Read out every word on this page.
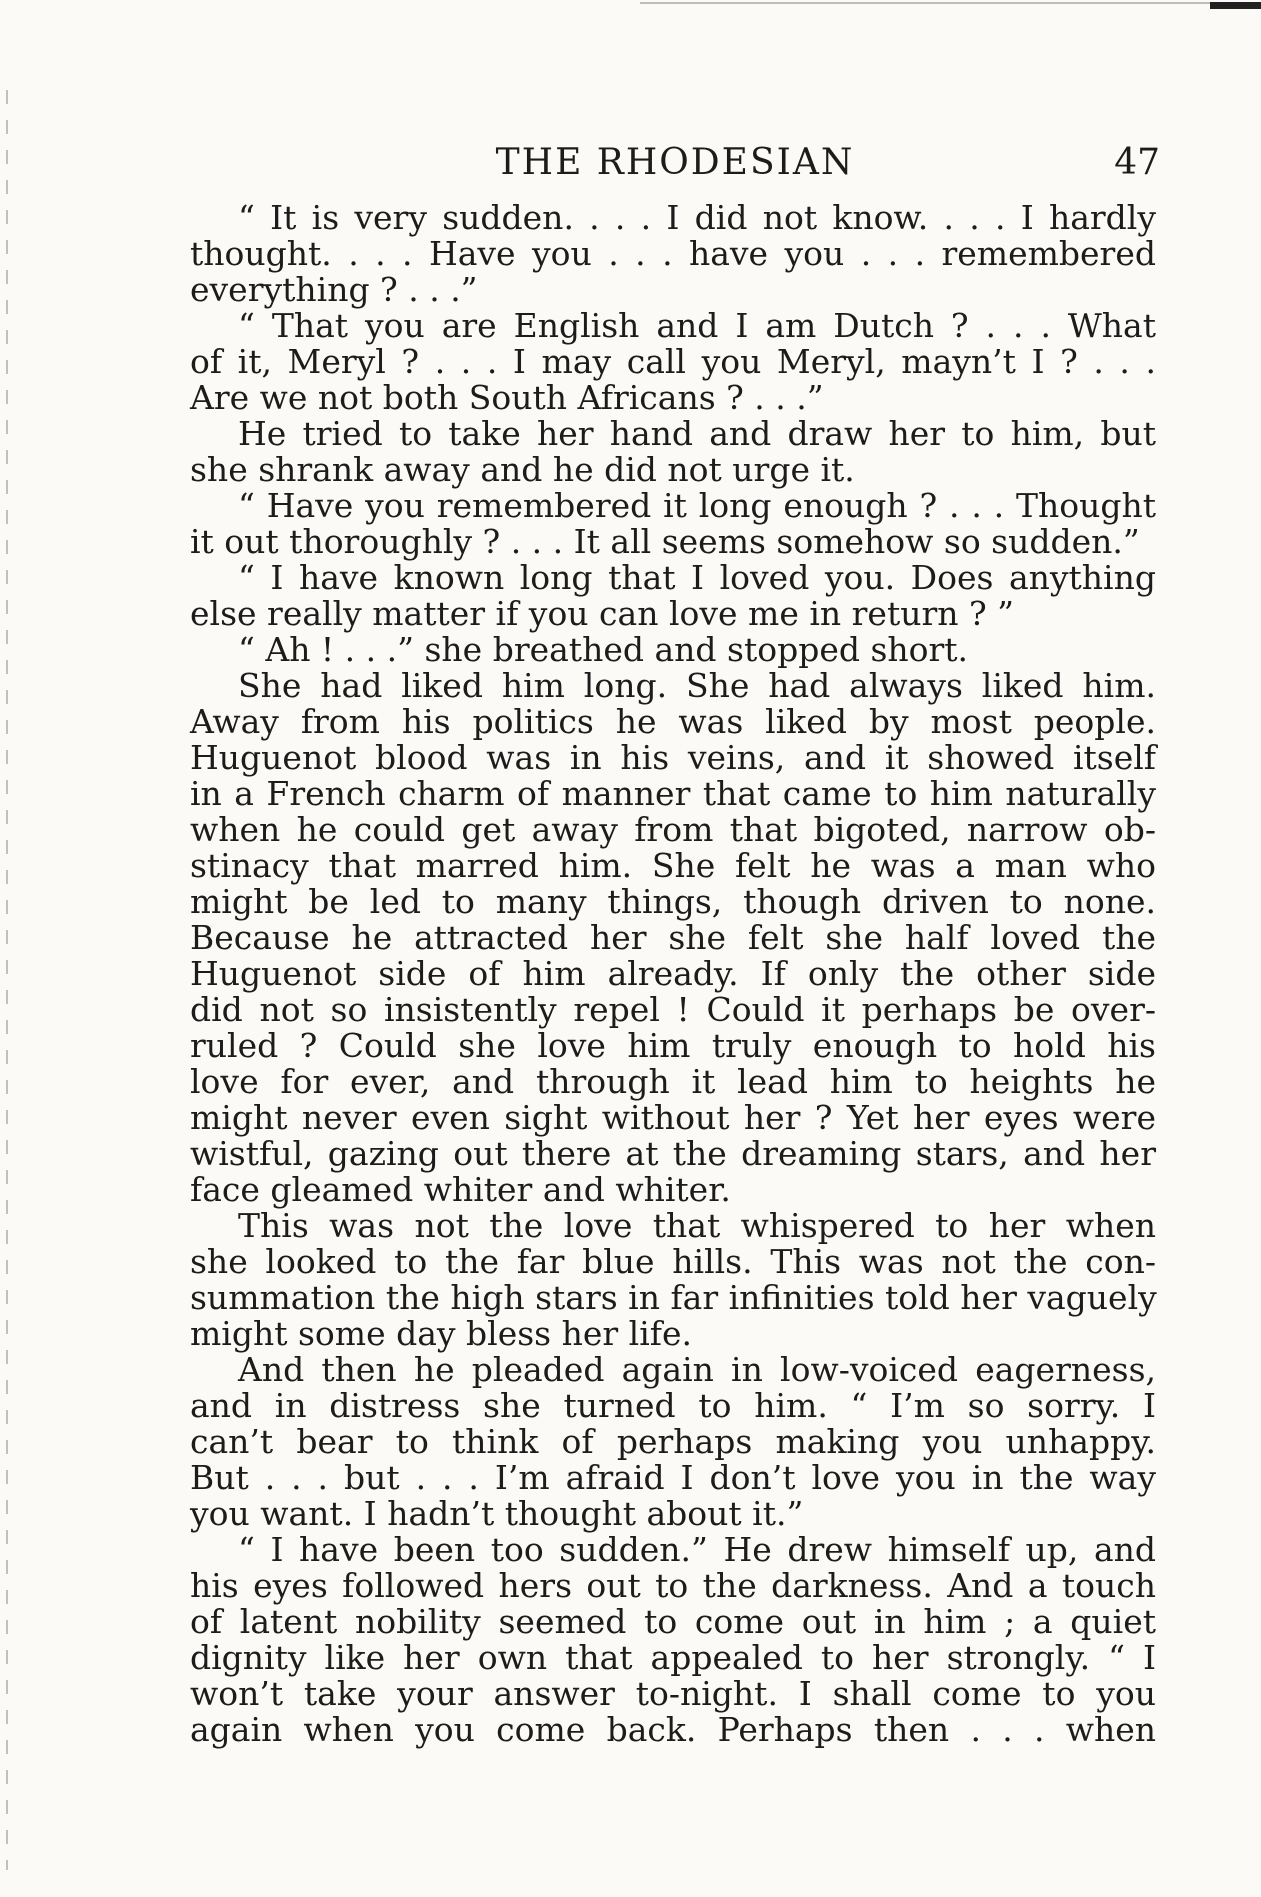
THE RHODESIAN	47
“ It is very sudden. . . . I did not know. . . . I hardly
thought. . . . Have you . . . have you . . . remembered
everything ? . . .”
“ That you are English and I am Dutch ? . . . What
of it, Meryl ? . . . I may call you Meryl, mayn’t I ? . . .
Are we not both South Africans ? . . .”
He tried to take her hand and draw her to him, but
she shrank away and he did not urge it.
“ Have you remembered it long enough ? . . . Thought
it out thoroughly ? . . . It all seems somehow so sudden.”
“ I have known long that I loved you. Does anything
else really matter if you can love me in return ? ”
“ Ah ! . . .” she breathed and stopped short.
She had liked him long. She had always liked him.
Away from his politics he was liked by most people.
Huguenot blood was in his veins, and it showed itself
in a French charm of manner that came to him naturally
when he could get away from that bigoted, narrow ob-
stinacy that marred him. She felt he was a man who
might be led to many things, though driven to none.
Because he attracted her she felt she half loved the
Huguenot side of him already. If only the other side
did not so insistently repel ! Could it perhaps be over-
ruled ? Could she love him truly enough to hold his
love for ever, and through it lead him to heights he
might never even sight without her ? Yet her eyes were
wistful, gazing out there at the dreaming stars, and her
face gleamed whiter and whiter.
This was not the love that whispered to her when
she looked to the far blue hills. This was not the con-
summation the high stars in far infinities told her vaguely
might some day bless her life.
And then he pleaded again in low-voiced eagerness,
and in distress she turned to him. “ I’m so sorry. I
can’t bear to think of perhaps making you unhappy.
But . . . but . . . I’m afraid I don’t love you in the way
you want. I hadn’t thought about it.”
“ I have been too sudden.” He drew himself up, and
his eyes followed hers out to the darkness. And a touch
of latent nobility seemed to come out in him ; a quiet
dignity like her own that appealed to her strongly. “ I
won’t take your answer to-night. I shall come to you
again when you come back. Perhaps then . . . when
